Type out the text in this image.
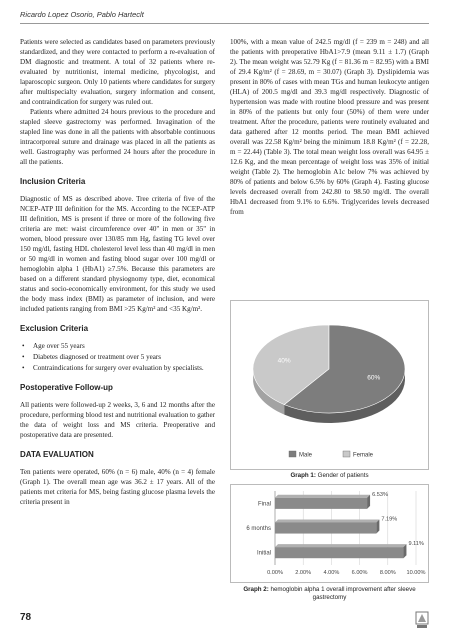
Ricardo Lopez Osorio, Pablo Harteclt

Patients were selected as candidates based on parameters previously standardized, and they were contacted to perform a re-evaluation of DM diagnostic and treatment. A total of 32 patients where re-evaluated by nutritionist, internal medicine, phycologist, and laparoscopic surgeon. Only 10 patients where candidates for surgery after multispecialty evaluation, surgery information and consent, and contraindication for surgery was ruled out.

Patients where admitted 24 hours previous to the procedure and stapled sleeve gastrectomy was performed. Invagination of the stapled line was done in all the patients with absorbable continuous intracorporeal suture and drainage was placed in all the patients as well. Gastrography was performed 24 hours after the procedure in all the patients.

Inclusion Criteria

Diagnostic of MS as described above. Tree criteria of five of the NCEP-ATP III definition for the MS. According to the NCEP-ATP III definition, MS is present if three or more of the following five criteria are met: waist circumference over 40" in men or 35" in women, blood pressure over 130/85 mm Hg, fasting TG level over 150 mg/dl, fasting HDL cholesterol level less than 40 mg/dl in men or 50 mg/dl in women and fasting blood sugar over 100 mg/dl or hemoglobin alpha 1 (HbA1) ≥7.5%. Because this parameters are based on a different standard physiognomy type, diet, economical status and socio-economically environment, for this study we used the body mass index (BMI) as parameter of inclusion, and were included patients ranging from BMI >25 Kg/m² and <35 Kg/m².

Exclusion Criteria
• Age over 55 years
• Diabetes diagnosed or treatment over 5 years
• Contraindications for surgery over evaluation by specialists.
Postoperative Follow-up

All patients were followed-up 2 weeks, 3, 6 and 12 months after the procedure, performing blood test and nutritional evaluation to gather the data of weight loss and MS criteria. Preoperative and postoperative data are presented.

DATA EVALUATION

Ten patients were operated, 60% (n = 6) male, 40% (n = 4) female (Graph 1). The overall mean age was 36.2 ± 17 years. All of the patients met criteria for MS, being fasting glucose plasma levels the criteria present in

100%, with a mean value of 242.5 mg/dl (f = 239 m = 248) and all the patients with preoperative HbA1>7.9 (mean 9.11 ± 1.7) (Graph 2). The mean weight was 52.79 Kg (f = 81.36 m = 82.95) with a BMI of 29.4 Kg/m² (f = 28.69, m = 30.07) (Graph 3). Dyslipidemia was present in 80% of cases with mean TGs and human leukocyte antigen (HLA) of 200.5 mg/dl and 39.3 mg/dl respectively. Diagnostic of hypertension was made with routine blood pressure and was present in 80% of the patients but only four (50%) of them were under treatment. After the procedure, patients were routinely evaluated and data gathered after 12 months period. The mean BMI achieved overall was 22.58 Kg/m² being the minimum 18.8 Kg/m² (f = 22.28, m = 22.44) (Table 3). The total mean weight loss overall was 64.95 ± 12.6 Kg, and the mean percentage of weight loss was 35% of initial weight (Table 2). The hemoglobin A1c below 7% was achieved by 80% of patients and below 6.5% by 60% (Graph 4). Fasting glucose levels decreased overall from 242.80 to 98.50 mg/dl. The overall HbA1 decreased from 9.1% to 6.6%. Triglycerides levels decreased from

40%
60%
Male	Female
Graph 1: Gender of patients
0.00% 2.00% 4.00% 6.00% 8.00% 10.00%
Final
6.53%
6 months
7.19%
Initial
9.11%
Graph 2: hemoglobin alpha 1 overall improvement after sleeve gastrectomy
78
